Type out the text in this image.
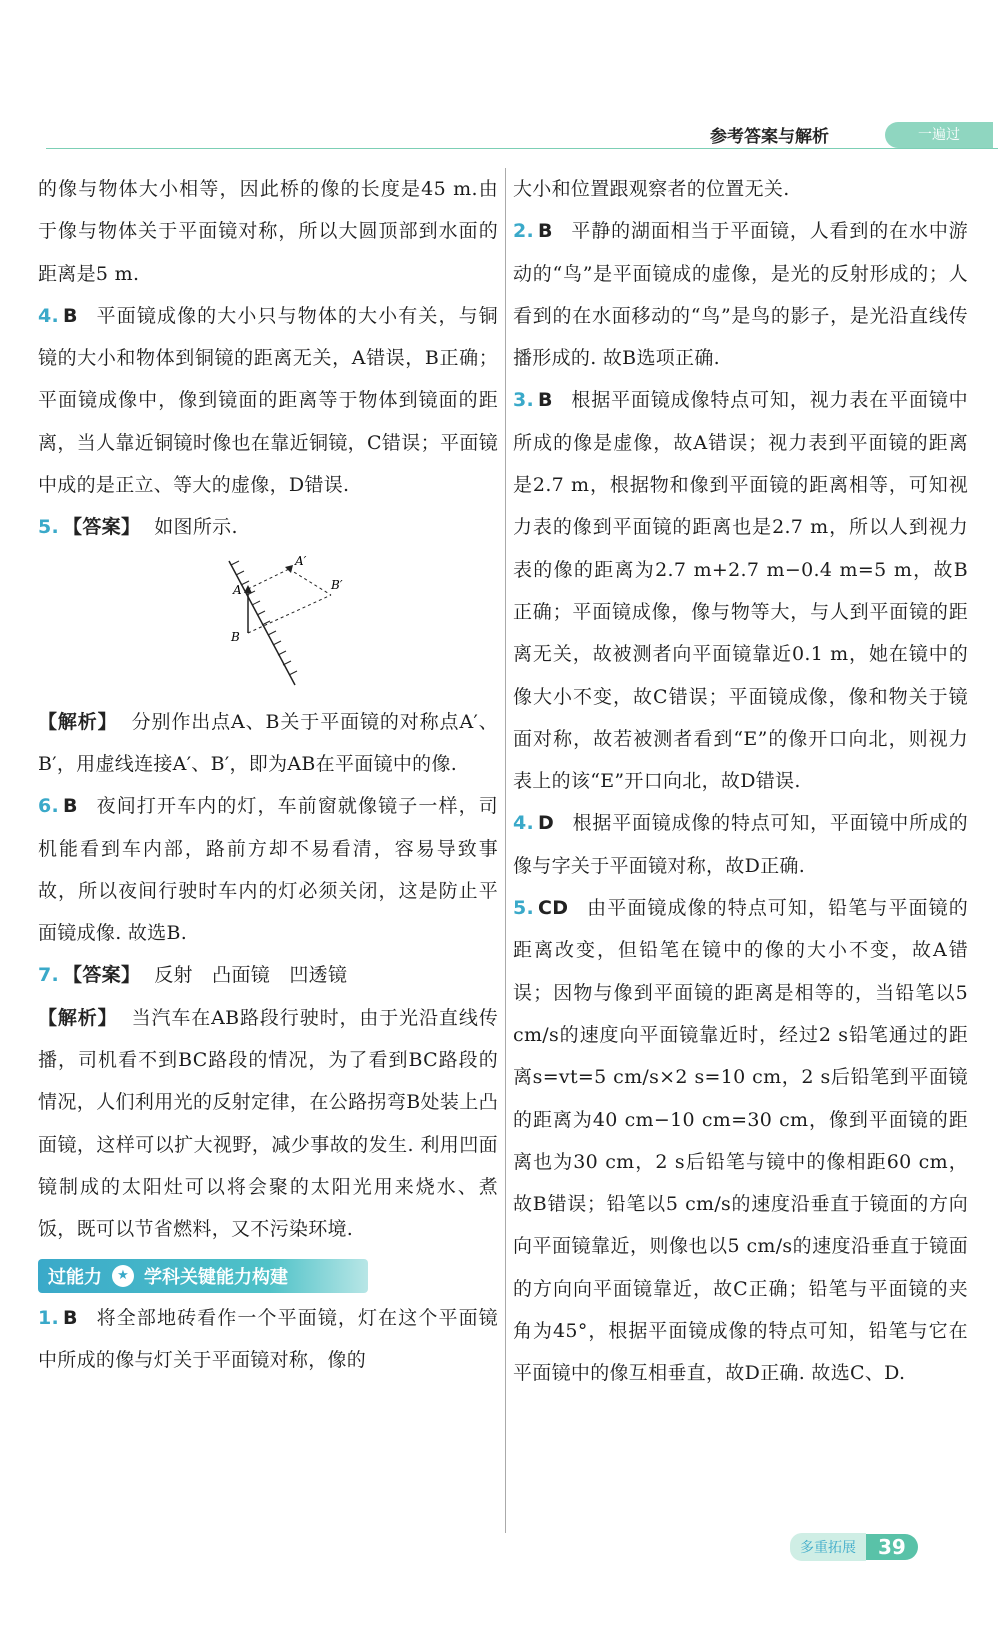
参考答案与解析	一遍过

的像与物体大小相等，因此桥的像的长度是45 m.由于像与物体关于平面镜对称，所以大圆顶部到水面的距离是5 m.

4. B 平面镜成像的大小只与物体的大小有关，与铜镜的大小和物体到铜镜的距离无关，A错误，B正确；平面镜成像中，像到镜面的距离等于物体到镜面的距离，当人靠近铜镜时像也在靠近铜镜，C错误；平面镜中成的是正立、等大的虚像，D错误.

5. 【答案】 如图所示.

A
B
A′
B′

【解析】 分别作出点A、B关于平面镜的对称点A′、B′，用虚线连接A′、B′，即为AB在平面镜中的像.

6. B 夜间打开车内的灯，车前窗就像镜子一样，司机能看到车内部，路前方却不易看清，容易导致事故，所以夜间行驶时车内的灯必须关闭，这是防止平面镜成像. 故选B.

7. 【答案】 反射　凸面镜　凹透镜

【解析】 当汽车在AB路段行驶时，由于光沿直线传播，司机看不到BC路段的情况，为了看到BC路段的情况，人们利用光的反射定律，在公路拐弯B处装上凸面镜，这样可以扩大视野，减少事故的发生. 利用凹面镜制成的太阳灶可以将会聚的太阳光用来烧水、煮饭，既可以节省燃料，又不污染环境.

过能力	★ 学科关键能力构建

1. B 将全部地砖看作一个平面镜，灯在这个平面镜中所成的像与灯关于平面镜对称，像的

大小和位置跟观察者的位置无关.

2. B 平静的湖面相当于平面镜，人看到的在水中游动的“鸟”是平面镜成的虚像，是光的反射形成的；人看到的在水面移动的“鸟”是鸟的影子，是光沿直线传播形成的. 故B选项正确.

3. B 根据平面镜成像特点可知，视力表在平面镜中所成的像是虚像，故A错误；视力表到平面镜的距离是2.7 m，根据物和像到平面镜的距离相等，可知视力表的像到平面镜的距离也是2.7 m，所以人到视力表的像的距离为2.7 m+2.7 m−0.4 m=5 m，故B正确；平面镜成像，像与物等大，与人到平面镜的距离无关，故被测者向平面镜靠近0.1 m，她在镜中的像大小不变，故C错误；平面镜成像，像和物关于镜面对称，故若被测者看到“E”的像开口向北，则视力表上的该“E”开口向北，故D错误.

4. D 根据平面镜成像的特点可知，平面镜中所成的像与字关于平面镜对称，故D正确.

5. CD 由平面镜成像的特点可知，铅笔与平面镜的距离改变，但铅笔在镜中的像的大小不变，故A错误；因物与像到平面镜的距离是相等的，当铅笔以5 cm/s的速度向平面镜靠近时，经过2 s铅笔通过的距离s=vt=5 cm/s×2 s=10 cm，2 s后铅笔到平面镜的距离为40 cm−10 cm=30 cm，像到平面镜的距离也为30 cm，2 s后铅笔与镜中的像相距60 cm，故B错误；铅笔以5 cm/s的速度沿垂直于镜面的方向向平面镜靠近，则像也以5 cm/s的速度沿垂直于镜面的方向向平面镜靠近，故C正确；铅笔与平面镜的夹角为45°，根据平面镜成像的特点可知，铅笔与它在平面镜中的像互相垂直，故D正确. 故选C、D.

多重拓展	39
